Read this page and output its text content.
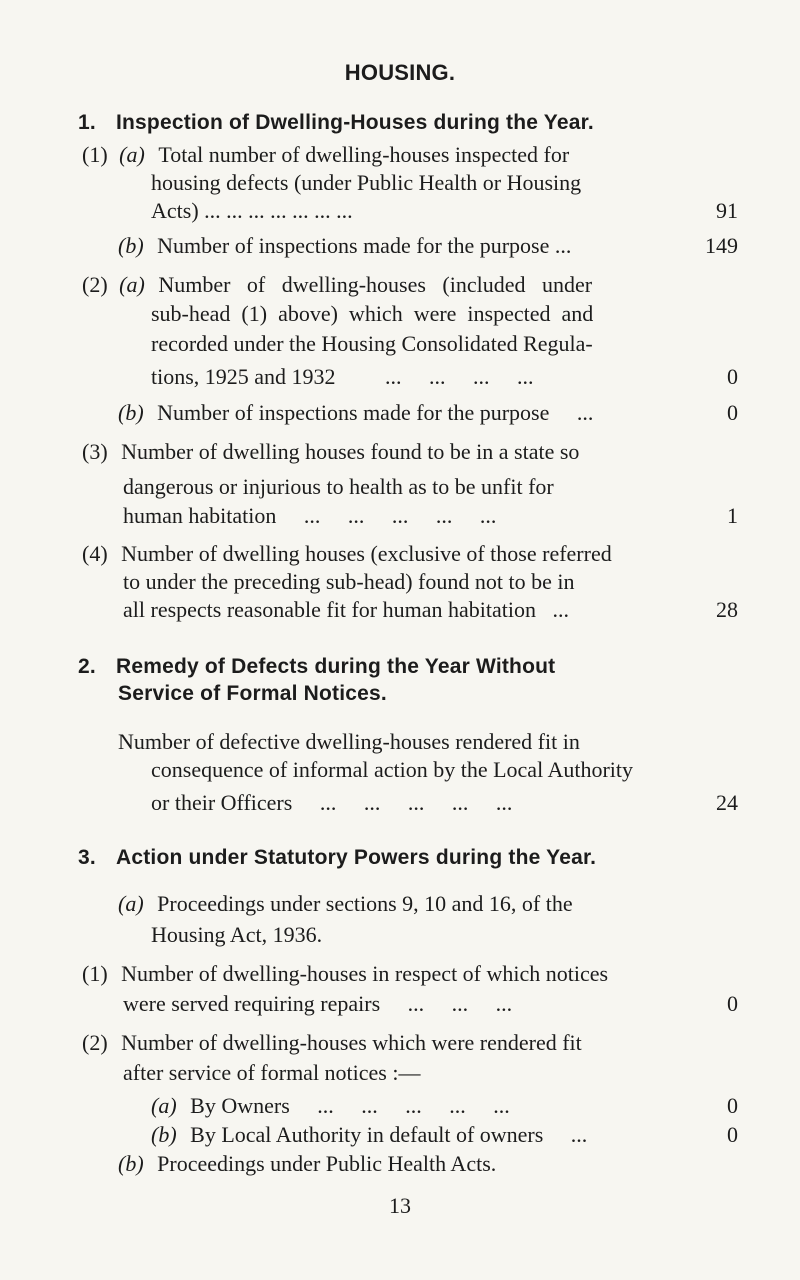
HOUSING.
1. Inspection of Dwelling-Houses during the Year.
(1) (a) Total number of dwelling-houses inspected for
housing defects (under Public Health or Housing
Acts) ... ... ... ... ... ... ...	91
(b) Number of inspections made for the purpose ...	149
(2) (a) Number   of   dwelling-houses   (included   under
sub-head  (1)  above)  which  were  inspected  and
recorded under the Housing Consolidated Regula-
tions, 1925 and 1932         ...     ...     ...     ...	0
(b) Number of inspections made for the purpose     ...	0
(3) Number of dwelling houses found to be in a state so
dangerous or injurious to health as to be unfit for
human habitation     ...     ...     ...     ...     ...	1
(4) Number of dwelling houses (exclusive of those referred
to under the preceding sub-head) found not to be in
all respects reasonable fit for human habitation   ...	28
2. Remedy of Defects during the Year Without
Service of Formal Notices.
Number of defective dwelling-houses rendered fit in
consequence of informal action by the Local Authority
or their Officers     ...     ...     ...     ...     ...	24
3. Action under Statutory Powers during the Year.
(a) Proceedings under sections 9, 10 and 16, of the
Housing Act, 1936.
(1) Number of dwelling-houses in respect of which notices
were served requiring repairs     ...     ...     ...	0
(2) Number of dwelling-houses which were rendered fit
after service of formal notices :—
(a) By Owners     ...     ...     ...     ...     ...	0
(b) By Local Authority in default of owners     ...	0
(b) Proceedings under Public Health Acts.
13
